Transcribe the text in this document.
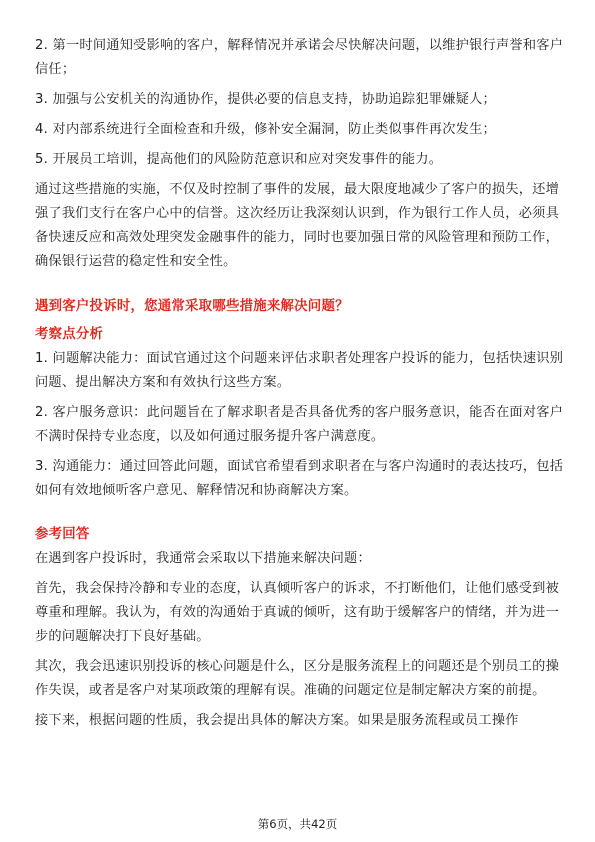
2. 第一时间通知受影响的客户，解释情况并承诺会尽快解决问题，以维护银行声誉和客户信任；

3. 加强与公安机关的沟通协作，提供必要的信息支持，协助追踪犯罪嫌疑人；

4. 对内部系统进行全面检查和升级，修补安全漏洞，防止类似事件再次发生；

5. 开展员工培训，提高他们的风险防范意识和应对突发事件的能力。

通过这些措施的实施，不仅及时控制了事件的发展，最大限度地减少了客户的损失，还增强了我们支行在客户心中的信誉。这次经历让我深刻认识到，作为银行工作人员，必须具备快速反应和高效处理突发金融事件的能力，同时也要加强日常的风险管理和预防工作，确保银行运营的稳定性和安全性。

遇到客户投诉时，您通常采取哪些措施来解决问题？

考察点分析

1. 问题解决能力：面试官通过这个问题来评估求职者处理客户投诉的能力，包括快速识别问题、提出解决方案和有效执行这些方案。

2. 客户服务意识：此问题旨在了解求职者是否具备优秀的客户服务意识，能否在面对客户不满时保持专业态度，以及如何通过服务提升客户满意度。

3. 沟通能力：通过回答此问题，面试官希望看到求职者在与客户沟通时的表达技巧，包括如何有效地倾听客户意见、解释情况和协商解决方案。

参考回答

在遇到客户投诉时，我通常会采取以下措施来解决问题：

首先，我会保持冷静和专业的态度，认真倾听客户的诉求，不打断他们，让他们感受到被尊重和理解。我认为，有效的沟通始于真诚的倾听，这有助于缓解客户的情绪，并为进一步的问题解决打下良好基础。

其次，我会迅速识别投诉的核心问题是什么，区分是服务流程上的问题还是个别员工的操作失误，或者是客户对某项政策的理解有误。准确的问题定位是制定解决方案的前提。

接下来，根据问题的性质，我会提出具体的解决方案。如果是服务流程或员工操作

第6页，共42页
